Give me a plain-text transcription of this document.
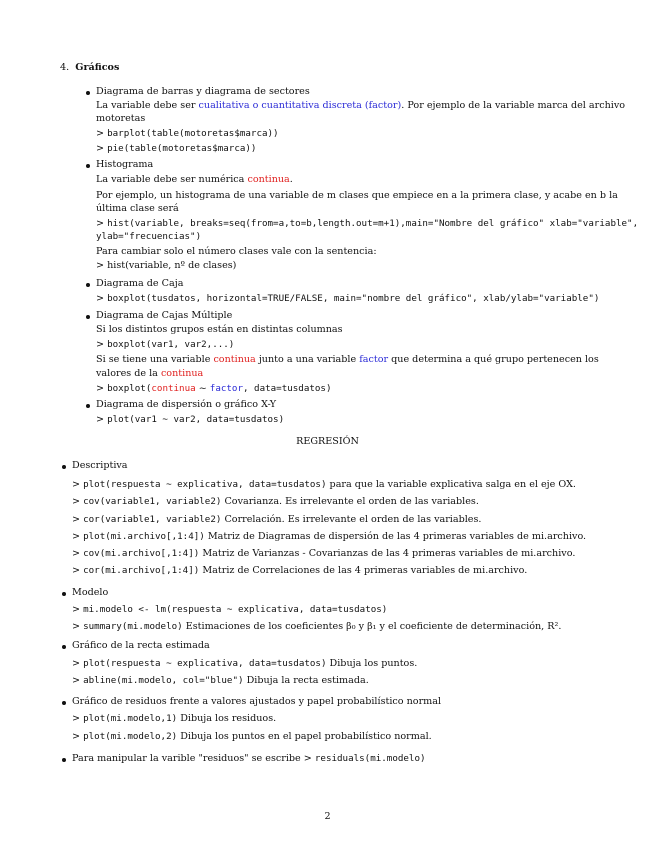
4. Gráficos
Diagrama de barras y diagrama de sectores
La variable debe ser cualitativa o cuantitativa discreta (factor). Por ejemplo de la variable marca del archivo
motoretas
> barplot(table(motoretas$marca))
> pie(table(motoretas$marca))
Histograma
La variable debe ser numérica continua.
Por ejemplo, un histograma de una variable de m clases que empiece en a la primera clase, y acabe en b la
última clase será
> hist(variable, breaks=seq(from=a,to=b,length.out=m+1),main="Nombre del gráfico" xlab="variable",
ylab="frecuencias")
Para cambiar solo el número clases vale con la sentencia:
> hist(variable, nº de clases)
Diagrama de Caja
> boxplot(tusdatos, horizontal=TRUE/FALSE, main="nombre del gráfico", xlab/ylab="variable")
Diagrama de Cajas Múltiple
Si los distintos grupos están en distintas columnas
> boxplot(var1, var2,...)
Si se tiene una variable continua junto a una variable factor que determina a qué grupo pertenecen los
valores de la continua
> boxplot(continua ~ factor, data=tusdatos)
Diagrama de dispersión o gráfico X-Y
> plot(var1 ~ var2, data=tusdatos)
REGRESIÓN
Descriptiva
> plot(respuesta ~ explicativa, data=tusdatos) para que la variable explicativa salga en el eje OX.
> cov(variable1, variable2) Covarianza. Es irrelevante el orden de las variables.
> cor(variable1, variable2) Correlación. Es irrelevante el orden de las variables.
> plot(mi.archivo[,1:4]) Matriz de Diagramas de dispersión de las 4 primeras variables de mi.archivo.
> cov(mi.archivo[,1:4]) Matriz de Varianzas - Covarianzas de las 4 primeras variables de mi.archivo.
> cor(mi.archivo[,1:4]) Matriz de Correlaciones de las 4 primeras variables de mi.archivo.
Modelo
> mi.modelo <- lm(respuesta ~ explicativa, data=tusdatos)
> summary(mi.modelo) Estimaciones de los coeficientes β₀ y β₁ y el coeficiente de determinación, R².
Gráfico de la recta estimada
> plot(respuesta ~ explicativa, data=tusdatos) Dibuja los puntos.
> abline(mi.modelo, col="blue") Dibuja la recta estimada.
Gráfico de residuos frente a valores ajustados y papel probabilístico normal
> plot(mi.modelo,1) Dibuja los residuos.
> plot(mi.modelo,2) Dibuja los puntos en el papel probabilístico normal.
Para manipular la varible "residuos" se escribe > residuals(mi.modelo)
2
